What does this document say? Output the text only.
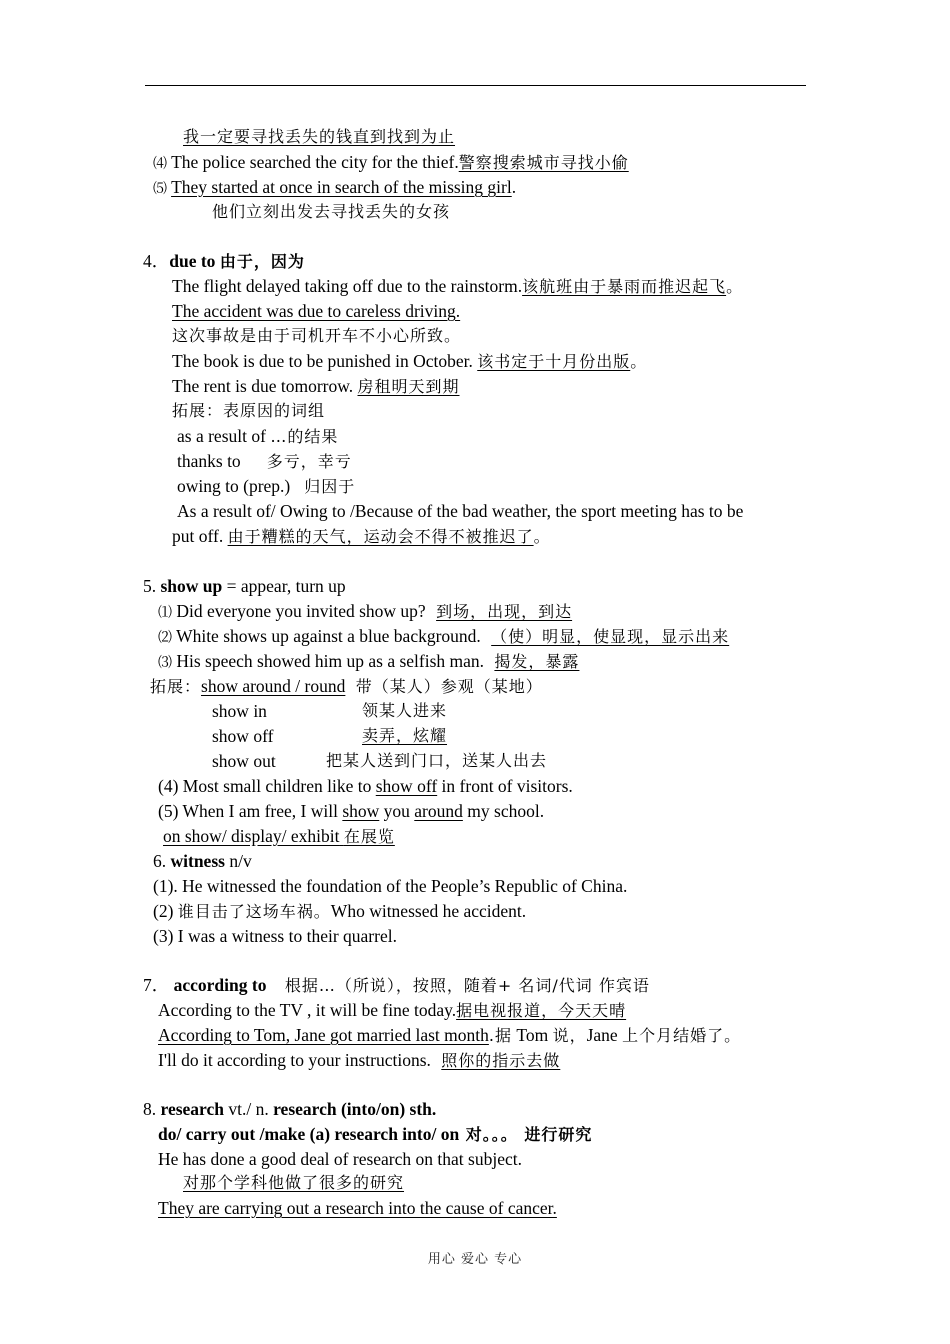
我一定要寻找丢失的钱直到找到为止
⑷ The police searched the city for the thief.警察搜索城市寻找小偷
⑸ They started at once in search of the missing girl.
他们立刻出发去寻找丢失的女孩
4．due to 由于，因为
The flight delayed taking off due to the rainstorm.该航班由于暴雨而推迟起飞。
The accident was due to careless driving.
这次事故是由于司机开车不小心所致。
The book is due to be punished in October. 该书定于十月份出版。
The rent is due tomorrow. 房租明天到期
拓展：表原因的词组
as a result of …的结果
thanks to 多亏，幸亏
owing to (prep.) 归因于
As a result of/ Owing to /Because of the bad weather, the sport meeting has to be
put off. 由于糟糕的天气，运动会不得不被推迟了。
5. show up = appear, turn up
⑴ Did everyone you invited show up? 到场，出现，到达
⑵ White shows up against a blue background. （使）明显，使显现，显示出来
⑶ His speech showed him up as a selfish man. 揭发，暴露
拓展：show around / round 带（某人）参观（某地）
show in	领某人进来
show off	卖弄，炫耀
show out	把某人送到门口，送某人出去
(4) Most small children like to show off in front of visitors.
(5) When I am free, I will show you around my school.
on show/ display/ exhibit 在展览
6. witness n/v
(1). He witnessed the foundation of the People’s Republic of China.
(2) 谁目击了这场车祸。Who witnessed he accident.
(3) I was a witness to their quarrel.
7． according to 根据…（所说），按照，随着+ 名词/代词 作宾语
According to the TV , it will be fine today.据电视报道，今天天晴
According to Tom, Jane got married last month.据 Tom 说，Jane 上个月结婚了。
I'll do it according to your instructions. 照你的指示去做
8. research vt./ n. research (into/on) sth.
do/ carry out /make (a) research into/ on 对。。。 进行研究
He has done a good deal of research on that subject.
对那个学科他做了很多的研究
They are carrying out a research into the cause of cancer.
用心 爱心 专心
